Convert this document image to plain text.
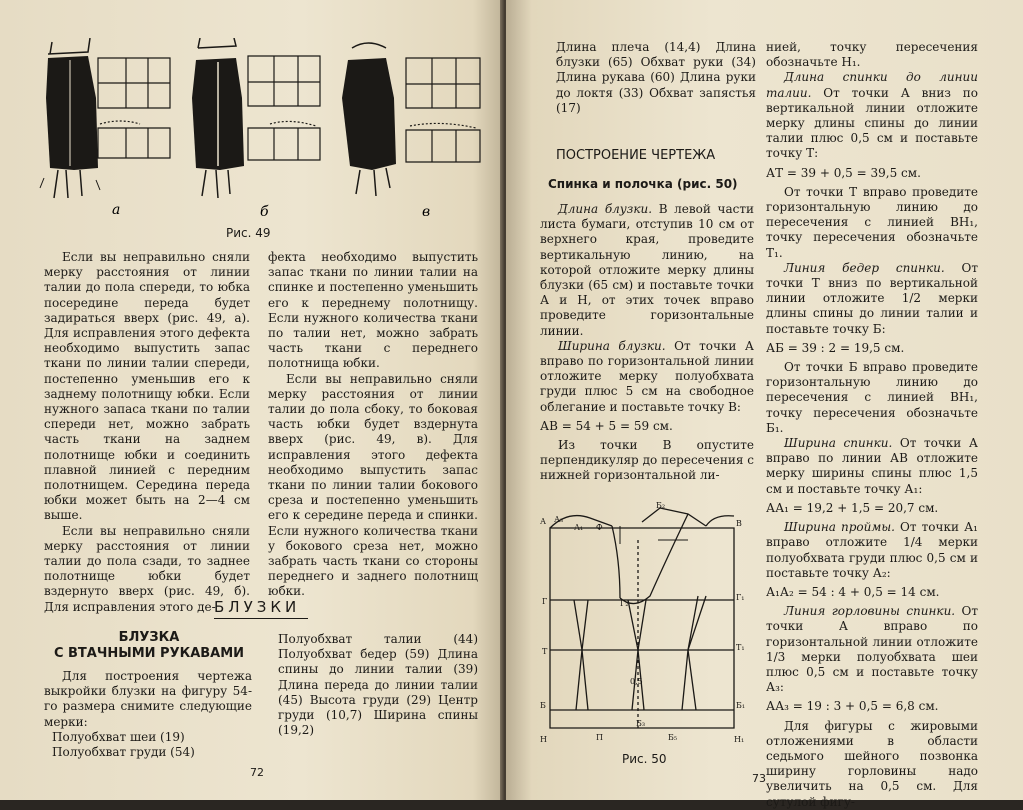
а	б	в
Рис. 49

Если вы неправильно сняли мерку расстояния от линии талии до пола спереди, то юбка посередине переда будет задираться вверх (рис. 49, а). Для исправления этого дефекта необходимо выпустить запас ткани по линии талии спереди, постепенно уменьшив его к заднему полотнищу юбки. Если нужного запаса ткани по талии спереди нет, можно забрать часть ткани на заднем полотнище юбки и соединить плавной линией с передним полотнищем. Середина переда юбки может быть на 2—4 см выше.

Если вы неправильно сняли мерку расстояния от линии талии до пола сзади, то заднее полотнище юбки будет вздернуто вверх (рис. 49, б). Для исправления этого де-

фекта необходимо выпустить запас ткани по линии талии на спинке и постепенно уменьшить его к переднему полотнищу. Если нужного количества ткани по талии нет, можно забрать часть ткани с переднего полотнища юбки.

Если вы неправильно сняли мерку расстояния от линии талии до пола сбоку, то боковая часть юбки будет вздернута вверх (рис. 49, в). Для исправления этого дефекта необходимо выпустить запас ткани по линии талии бокового среза и постепенно уменьшить его к середине переда и спинки. Если нужного количества ткани у бокового среза нет, можно забрать часть ткани со стороны переднего и заднего полотнищ юбки.

БЛУЗКИ
БЛУЗКА
С ВТАЧНЫМИ РУКАВАМИ

Для построения чертежа выкройки блузки на фигуру 54-го размера снимите следующие мерки:

Полуобхват шеи (19)
Полуобхват груди (54)
Полуобхват талии (44) Полуобхват бедер (59) Длина спины до линии талии (39) Длина переда до линии талии (45) Высота груди (29) Центр груди (10,7) Ширина спины (19,2)
72
Длина плеча (14,4) Длина блузки (65) Обхват руки (34) Длина рукава (60) Длина руки до локтя (33) Обхват запястья (17)
ПОСТРОЕНИЕ ЧЕРТЕЖА
Спинка и полочка (рис. 50)

Длина блузки. В левой части листа бумаги, отступив 10 см от верхнего края, проведите вертикальную линию, на которой отложите мерку длины блузки (65 см) и поставьте точки А и Н, от этих точек вправо проведите горизонтальные линии.

Ширина блузки. От точки А вправо по горизонтальной линии отложите мерку полуобхвата груди плюс 5 см на свободное облегание и поставьте точку В:

АВ = 54 + 5 = 59 см.

Из точки В опустите перпендикуляр до пересечения с нижней горизонтальной ли-

А А₃
А₁ Ф
Г
Т
Б
Н
В
Г₁
Т₁
Б₁
Н₁
Б₂
Г₂
Б₃
0,5
П	Б₅
Рис. 50

нией, точку пересечения обозначьте Н₁.

Длина спинки до линии талии. От точки А вниз по вертикальной линии отложите мерку длины спины до линии талии плюс 0,5 см и поставьте точку Т:

АТ = 39 + 0,5 = 39,5 см.

От точки Т вправо проведите горизонтальную линию до пересечения с линией ВН₁, точку пересечения обозначьте Т₁.

Линия бедер спинки. От точки Т вниз по вертикальной линии отложите 1/2 мерки длины спины до линии талии и поставьте точку Б:

АБ = 39 : 2 = 19,5 см.

От точки Б вправо проведите горизонтальную линию до пересечения с линией ВН₁, точку пересечения обозначьте Б₁.

Ширина спинки. От точки А вправо по линии АВ отложите мерку ширины спины плюс 1,5 см и поставьте точку А₁:

АА₁ = 19,2 + 1,5 = 20,7 см.

Ширина проймы. От точки А₁ вправо отложите 1/4 мерки полуобхвата груди плюс 0,5 см и поставьте точку А₂:

А₁А₂ = 54 : 4 + 0,5 = 14 см.

Линия горловины спинки. От точки А вправо по горизонтальной линии отложите 1/3 мерки полуобхвата шеи плюс 0,5 см и поставьте точку А₃:

АА₃ = 19 : 3 + 0,5 = 6,8 см.

Для фигуры с жировыми отложениями в области седьмого шейного позвонка ширину горловины надо увеличить на 0,5 см. Для сутулой фигу-

73
